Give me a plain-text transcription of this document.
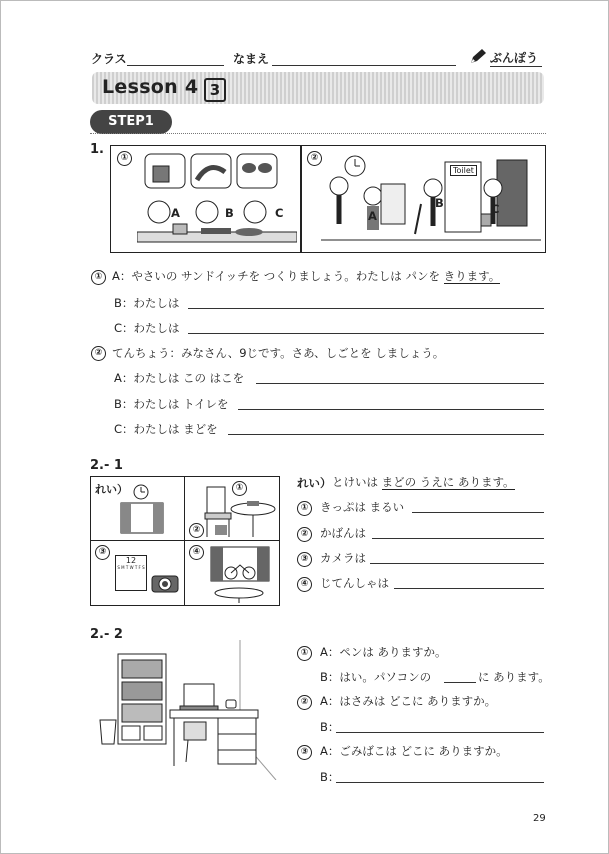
クラス	なまえ	ぶんぽう
Lesson 4 3
STEP1
1.
①
A	B	C
②
Toilet
A
B	C
① A：やさいの サンドイッチを つくりましょう。わたしは パンを きります。
B：わたしは
C：わたしは
② てんちょう：みなさん、9じです。さあ、しごとを しましょう。
A：わたしは この はこを
B：わたしは トイレを
C：わたしは まどを
2.- 1
れい）	①
②
③
12
S M T W T F S
④
れい） とけいは まどの うえに あります。
①	きっぷは まるい
②	かばんは
③	カメラは
④	じてんしゃは
2.- 2
①	A：ペンは ありますか。
B：はい。パソコンの	に あります。
②	A：はさみは どこに ありますか。
B：
③	A：ごみばこは どこに ありますか。
B：
29
